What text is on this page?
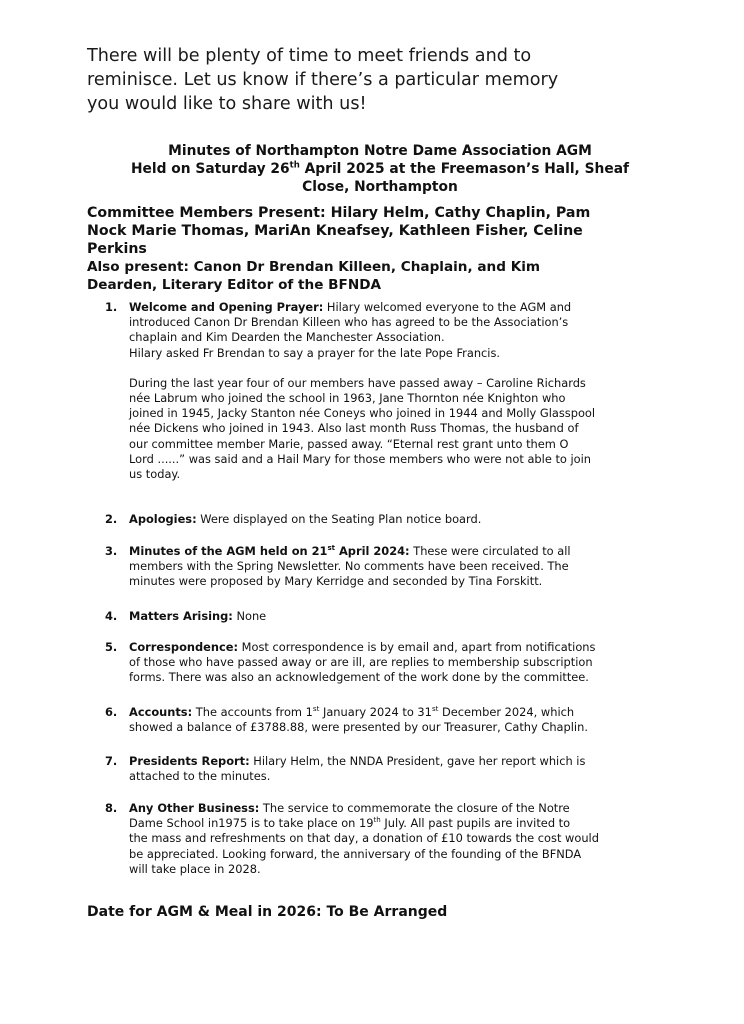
There will be plenty of time to meet friends and to
reminisce. Let us know if there’s a particular memory
you would like to share with us!
Minutes of Northampton Notre Dame Association AGM
Held on Saturday 26th April 2025 at the Freemason’s Hall, Sheaf
Close, Northampton
Committee Members Present: Hilary Helm, Cathy Chaplin, Pam
Nock Marie Thomas, MariAn Kneafsey, Kathleen Fisher, Celine
Perkins
Also present: Canon Dr Brendan Killeen, Chaplain, and Kim
Dearden, Literary Editor of the BFNDA
1. Welcome and Opening Prayer: Hilary welcomed everyone to the AGM and
introduced Canon Dr Brendan Killeen who has agreed to be the Association’s
chaplain and Kim Dearden the Manchester Association.
Hilary asked Fr Brendan to say a prayer for the late Pope Francis.
During the last year four of our members have passed away – Caroline Richards
née Labrum who joined the school in 1963, Jane Thornton née Knighton who
joined in 1945, Jacky Stanton née Coneys who joined in 1944 and Molly Glasspool
née Dickens who joined in 1943. Also last month Russ Thomas, the husband of
our committee member Marie, passed away. “Eternal rest grant unto them O
Lord ......” was said and a Hail Mary for those members who were not able to join
us today.
2. Apologies: Were displayed on the Seating Plan notice board.
3. Minutes of the AGM held on 21st April 2024: These were circulated to all
members with the Spring Newsletter. No comments have been received. The
minutes were proposed by Mary Kerridge and seconded by Tina Forskitt.
4. Matters Arising: None
5. Correspondence: Most correspondence is by email and, apart from notifications
of those who have passed away or are ill, are replies to membership subscription
forms. There was also an acknowledgement of the work done by the committee.
6. Accounts: The accounts from 1st January 2024 to 31st December 2024, which
showed a balance of £3788.88, were presented by our Treasurer, Cathy Chaplin.
7. Presidents Report: Hilary Helm, the NNDA President, gave her report which is
attached to the minutes.
8. Any Other Business: The service to commemorate the closure of the Notre
Dame School in1975 is to take place on 19th July. All past pupils are invited to
the mass and refreshments on that day, a donation of £10 towards the cost would
be appreciated. Looking forward, the anniversary of the founding of the BFNDA
will take place in 2028.
Date for AGM & Meal in 2026: To Be Arranged
